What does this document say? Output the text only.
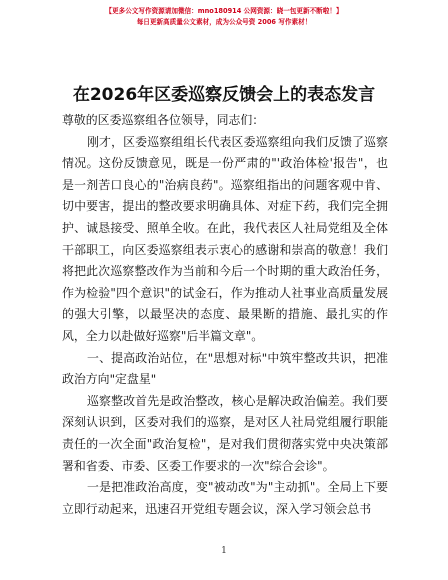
【更多公文写作资源请加微信：mno180914 公网资源：晓一包更新不断啦！】
每日更新高质量公文素材，成为公众号资 2006 写作素材！
在2026年区委巡察反馈会上的表态发言

尊敬的区委巡察组各位领导，同志们：

刚才，区委巡察组组长代表区委巡察组向我们反馈了巡察情况。这份反馈意见，既是一份严肃的"'政治体检'报告"，也是一剂苦口良心的"治病良药"。巡察组指出的问题客观中肯、切中要害，提出的整改要求明确具体、对症下药，我们完全拥护、诚恳接受、照单全收。在此，我代表区人社局党组及全体干部职工，向区委巡察组表示衷心的感谢和崇高的敬意！我们将把此次巡察整改作为当前和今后一个时期的重大政治任务，作为检验"四个意识"的试金石，作为推动人社事业高质量发展的强大引擎，以最坚决的态度、最果断的措施、最扎实的作风，全力以赴做好巡察"后半篇文章"。

一、提高政治站位，在"思想对标"中筑牢整改共识，把准政治方向"定盘星"

巡察整改首先是政治整改，核心是解决政治偏差。我们要深刻认识到，区委对我们的巡察，是对区人社局党组履行职能责任的一次全面"政治复检"，是对我们贯彻落实党中央决策部署和省委、市委、区委工作要求的一次"综合会诊"。

一是把准政治高度，变"被动改"为"主动抓"。全局上下要立即行动起来，迅速召开党组专题会议，深入学习领会总书

1
